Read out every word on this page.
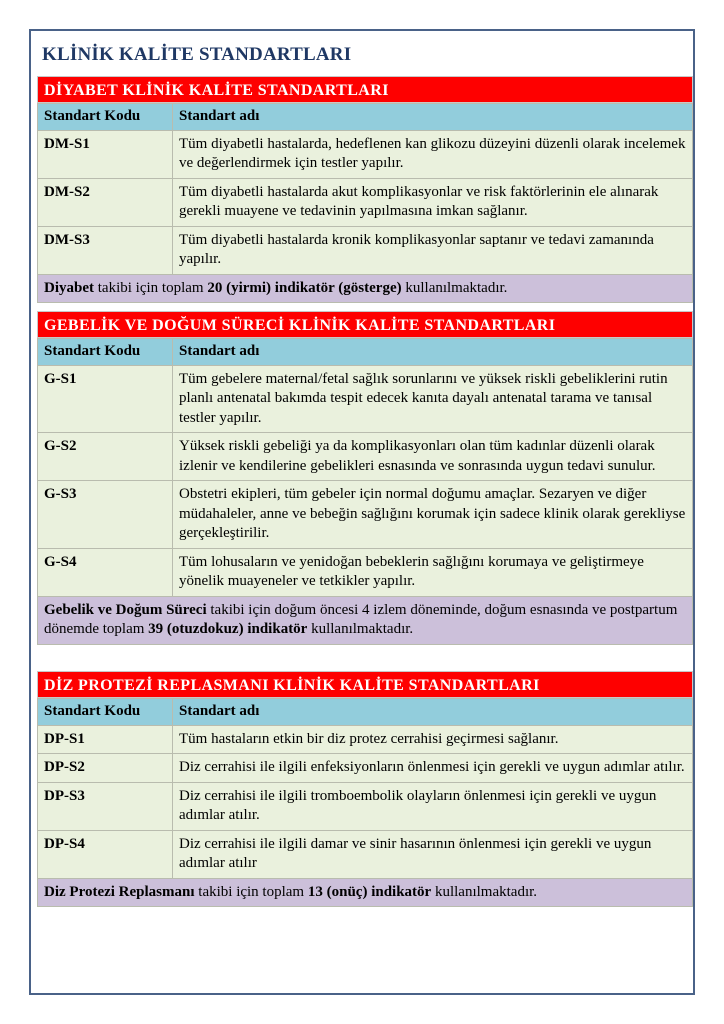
KLİNİK KALİTE STANDARTLARI
DİYABET KLİNİK KALİTE STANDARTLARI
Standart Kodu	Standart adı
DM-S1	Tüm diyabetli hastalarda, hedeflenen kan glikozu düzeyini düzenli olarak incelemek ve değerlendirmek için testler yapılır.
DM-S2	Tüm diyabetli hastalarda akut komplikasyonlar ve risk faktörlerinin ele alınarak gerekli muayene ve tedavinin yapılmasına imkan sağlanır.
DM-S3	Tüm diyabetli hastalarda kronik komplikasyonlar saptanır ve tedavi zamanında yapılır.
Diyabet takibi için toplam 20 (yirmi) indikatör (gösterge) kullanılmaktadır.	
GEBELİK VE DOĞUM SÜRECİ KLİNİK KALİTE STANDARTLARI
Standart Kodu	Standart adı
G-S1	Tüm gebelere maternal/fetal sağlık sorunlarını ve yüksek riskli gebeliklerini rutin planlı antenatal bakımda tespit edecek kanıta dayalı antenatal tarama ve tanısal testler yapılır.
G-S2	Yüksek riskli gebeliği ya da komplikasyonları olan tüm kadınlar düzenli olarak izlenir ve kendilerine gebelikleri esnasında ve sonrasında uygun tedavi sunulur.
G-S3	Obstetri ekipleri, tüm gebeler için normal doğumu amaçlar. Sezaryen ve diğer müdahaleler, anne ve bebeğin sağlığını korumak için sadece klinik olarak gerekliyse gerçekleştirilir.
G-S4	Tüm lohusaların ve yenidoğan bebeklerin sağlığını korumaya ve geliştirmeye yönelik muayeneler ve tetkikler yapılır.
Gebelik ve Doğum Süreci takibi için doğum öncesi 4 izlem döneminde, doğum esnasında ve postpartum dönemde toplam 39 (otuzdokuz) indikatör kullanılmaktadır.	
DİZ PROTEZİ REPLASMANI KLİNİK KALİTE STANDARTLARI
Standart Kodu	Standart adı
DP-S1	Tüm hastaların etkin bir diz protez cerrahisi geçirmesi sağlanır.
DP-S2	Diz cerrahisi ile ilgili enfeksiyonların önlenmesi için gerekli ve uygun adımlar atılır.
DP-S3	Diz cerrahisi ile ilgili tromboembolik olayların önlenmesi için gerekli ve uygun adımlar atılır.
DP-S4	Diz cerrahisi ile ilgili damar ve sinir hasarının önlenmesi için gerekli ve uygun adımlar atılır
Diz Protezi Replasmanı takibi için toplam 13 (onüç) indikatör kullanılmaktadır.	
